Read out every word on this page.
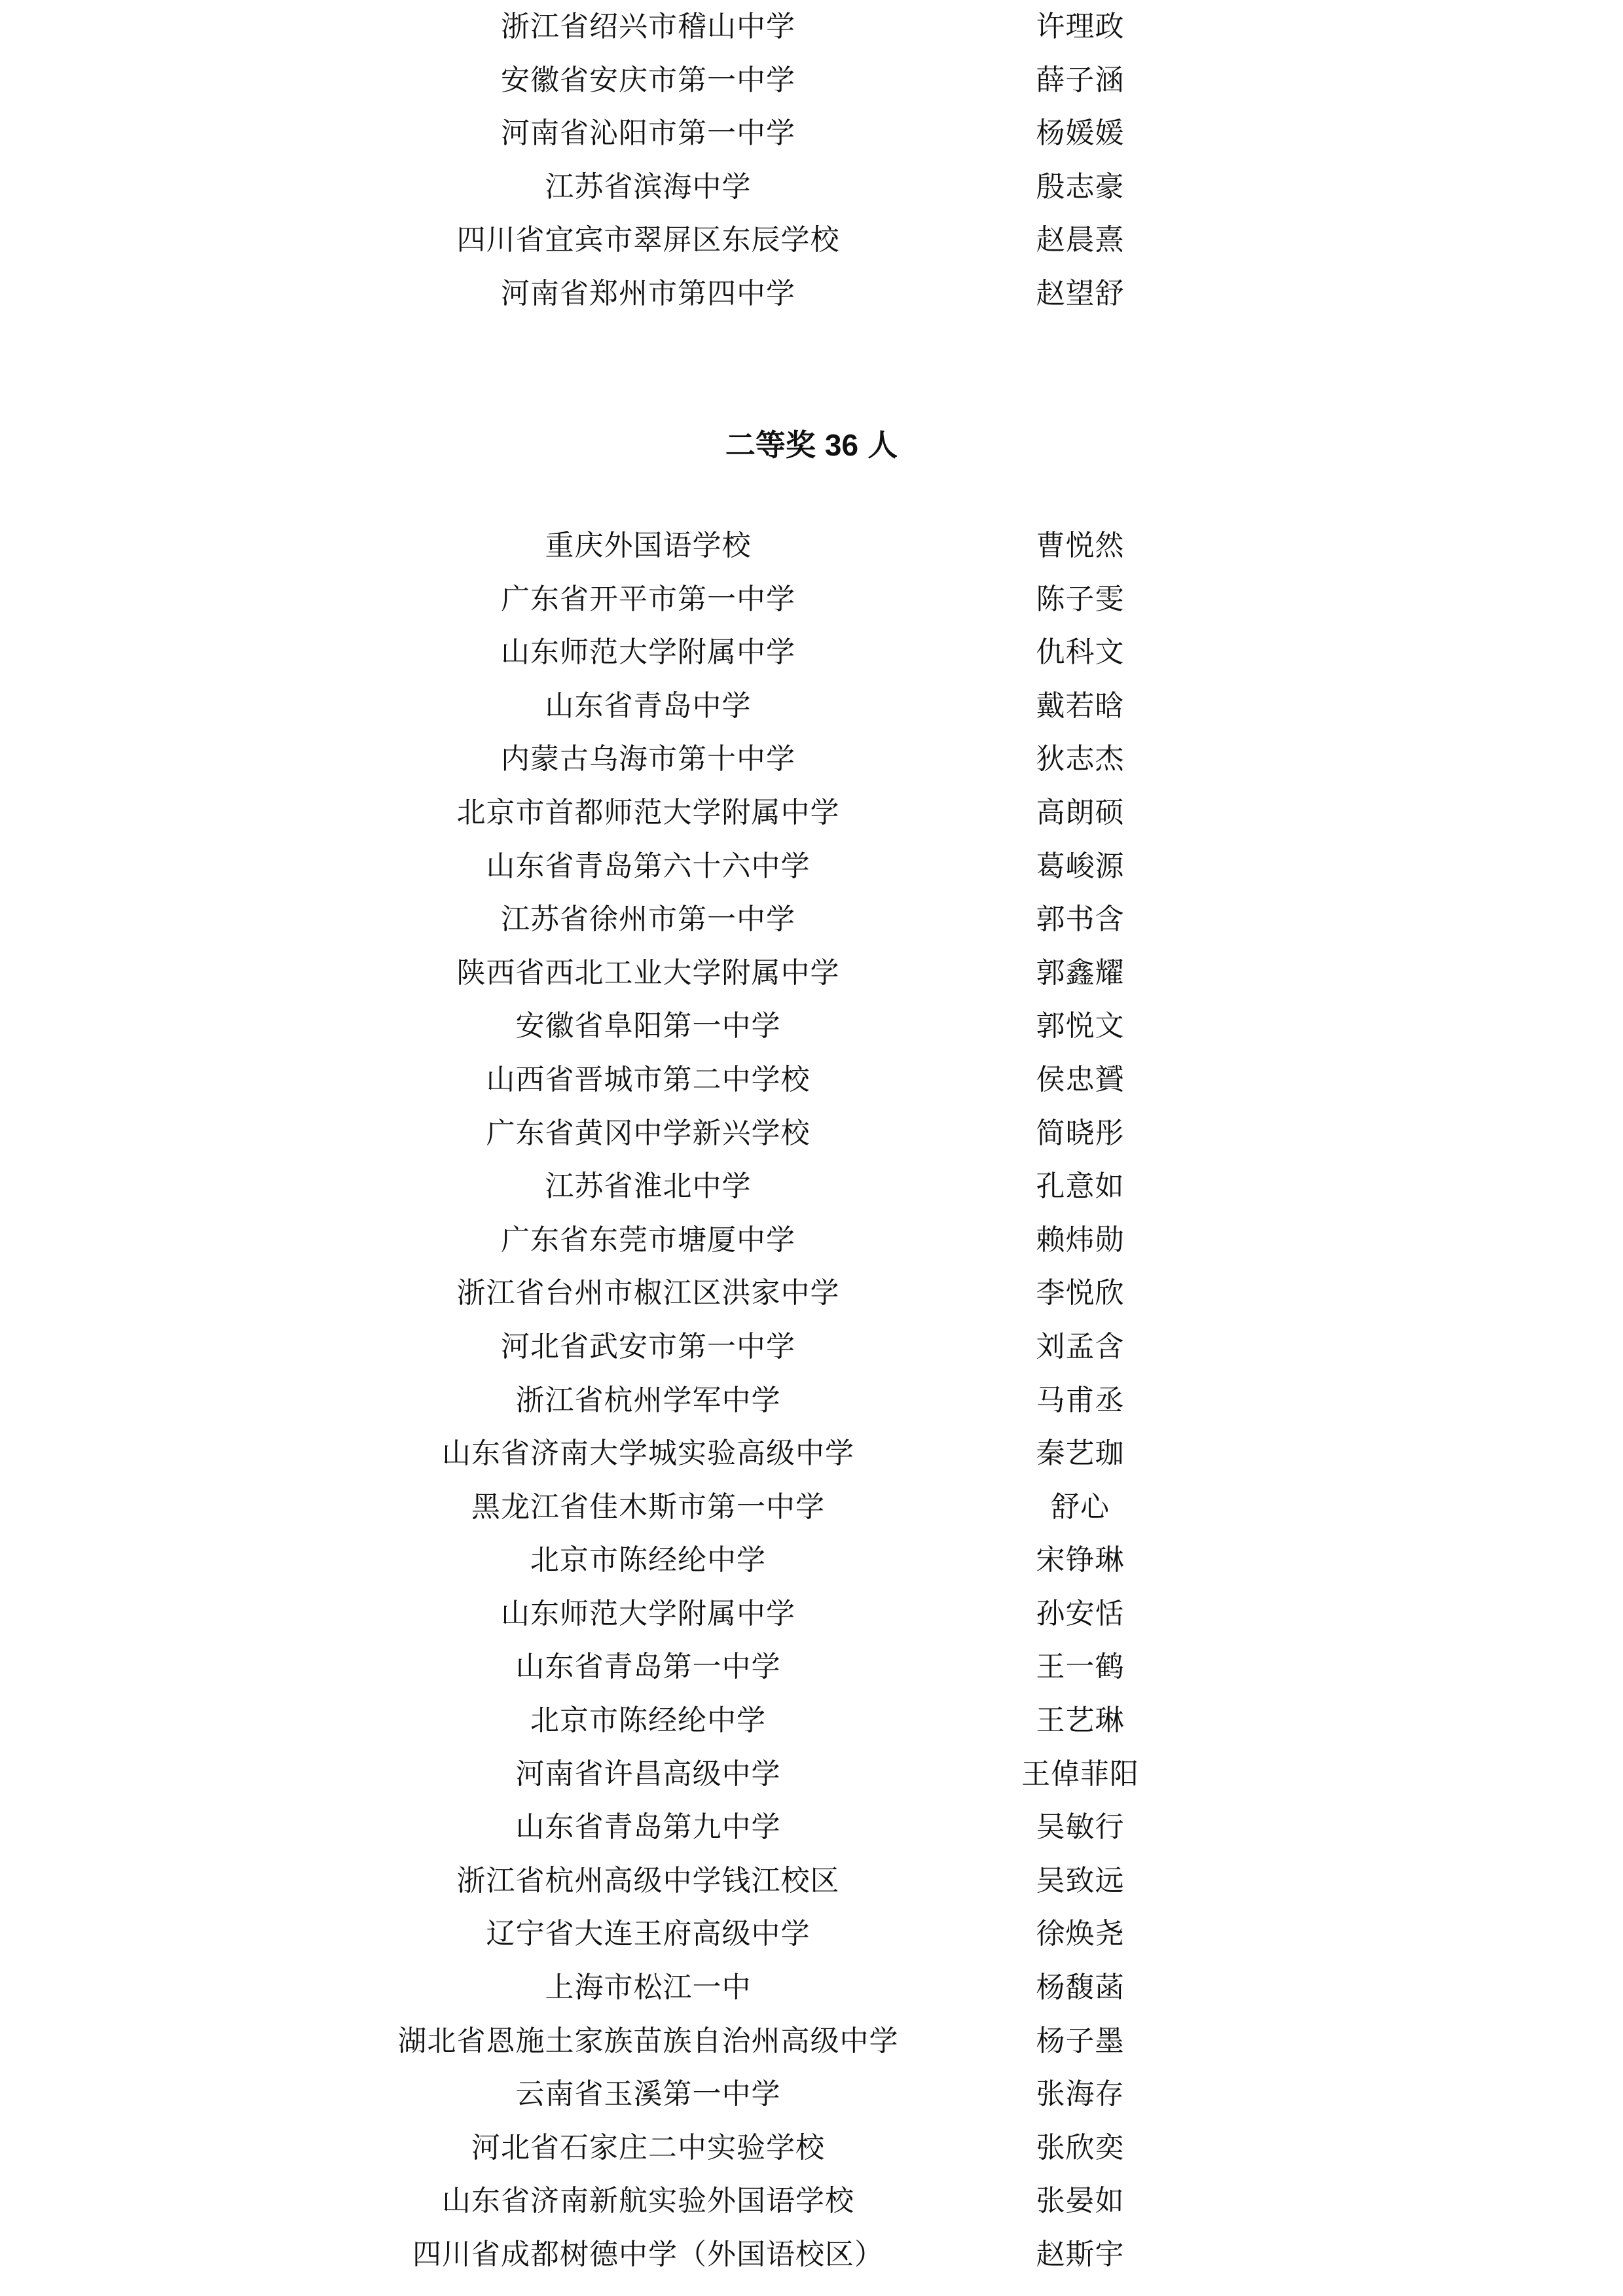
浙江省绍兴市稽山中学	许理政
安徽省安庆市第一中学	薛子涵
河南省沁阳市第一中学	杨媛媛
江苏省滨海中学	殷志豪
四川省宜宾市翠屏区东辰学校	赵晨熹
河南省郑州市第四中学	赵望舒
二等奖 36 人
重庆外国语学校	曹悦然
广东省开平市第一中学	陈子雯
山东师范大学附属中学	仇科文
山东省青岛中学	戴若晗
内蒙古乌海市第十中学	狄志杰
北京市首都师范大学附属中学	高朗硕
山东省青岛第六十六中学	葛峻源
江苏省徐州市第一中学	郭书含
陕西省西北工业大学附属中学	郭鑫耀
安徽省阜阳第一中学	郭悦文
山西省晋城市第二中学校	侯忠贇
广东省黄冈中学新兴学校	简晓彤
江苏省淮北中学	孔意如
广东省东莞市塘厦中学	赖炜勋
浙江省台州市椒江区洪家中学	李悦欣
河北省武安市第一中学	刘孟含
浙江省杭州学军中学	马甫丞
山东省济南大学城实验高级中学	秦艺珈
黑龙江省佳木斯市第一中学	舒心
北京市陈经纶中学	宋铮琳
山东师范大学附属中学	孙安恬
山东省青岛第一中学	王一鹤
北京市陈经纶中学	王艺琳
河南省许昌高级中学	王倬菲阳
山东省青岛第九中学	吴敏行
浙江省杭州高级中学钱江校区	吴致远
辽宁省大连王府高级中学	徐焕尧
上海市松江一中	杨馥菡
湖北省恩施土家族苗族自治州高级中学	杨子墨
云南省玉溪第一中学	张海存
河北省石家庄二中实验学校	张欣奕
山东省济南新航实验外国语学校	张晏如
四川省成都树德中学（外国语校区）	赵斯宇
